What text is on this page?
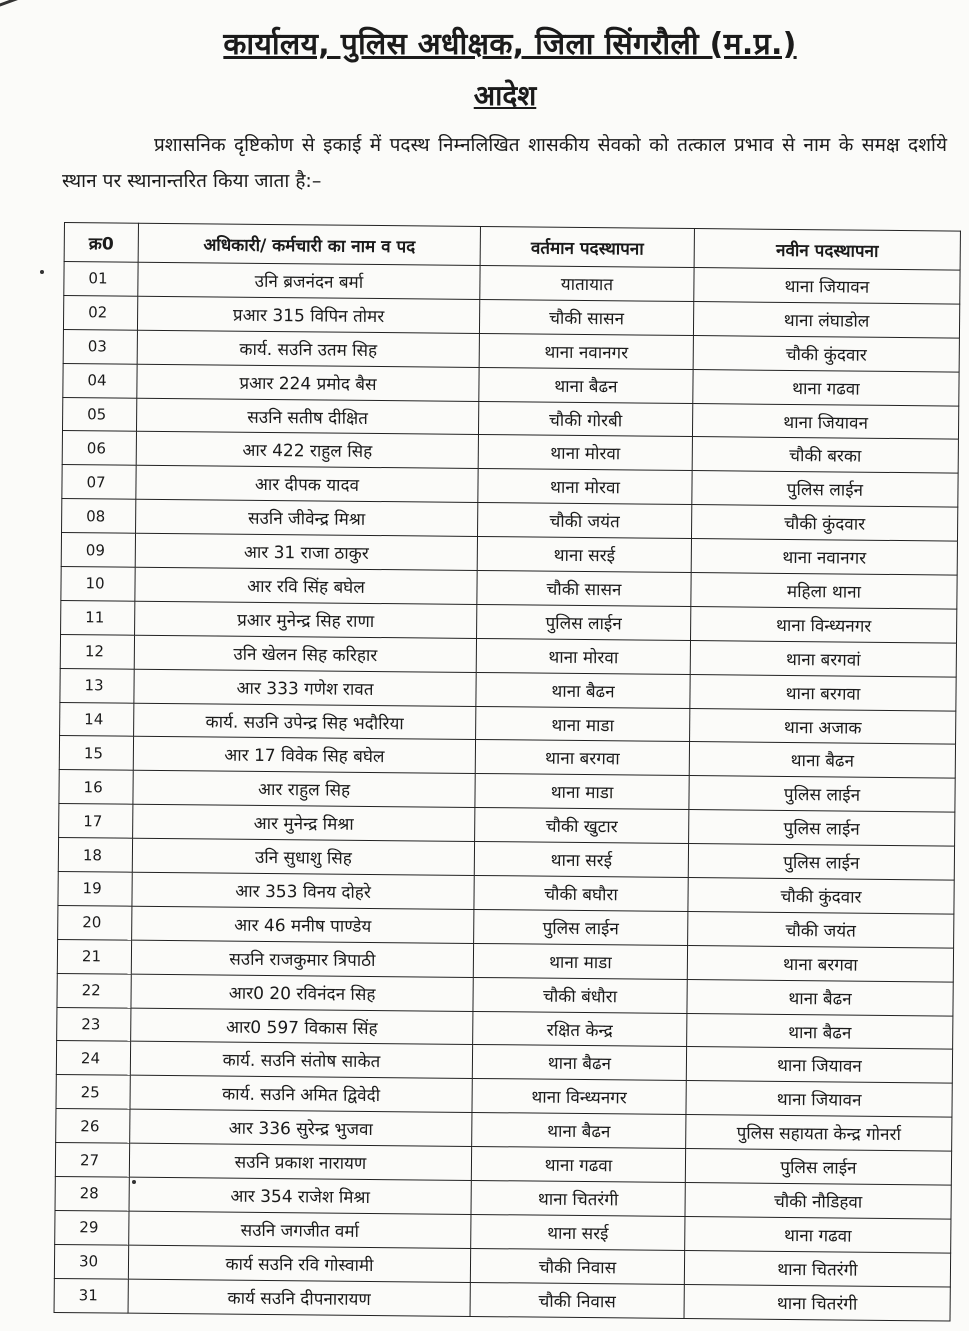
कार्यालय, पुलिस अधीक्षक, जिला सिंगरौली (म.प्र.)
आदेश
प्रशासनिक दृष्टिकोण से इकाई में पदस्थ निम्नलिखित शासकीय सेवको को तत्काल प्रभाव से नाम के समक्ष दर्शाये स्थान पर स्थानान्तरित किया जाता है:–
क्र0	अधिकारी/ कर्मचारी का नाम व पद	वर्तमान पदस्थापना	नवीन पदस्थापना
01	उनि ब्रजनंदन बर्मा	यातायात	थाना जियावन
02	प्रआर 315 विपिन तोमर	चौकी सासन	थाना लंघाडोल
03	कार्य. सउनि उतम सिह	थाना नवानगर	चौकी कुंदवार
04	प्रआर 224 प्रमोद बैस	थाना बैढन	थाना गढवा
05	सउनि सतीष दीक्षित	चौकी गोरबी	थाना जियावन
06	आर 422 राहुल सिह	थाना मोरवा	चौकी बरका
07	आर दीपक यादव	थाना मोरवा	पुलिस लाईन
08	सउनि जीवेन्द्र मिश्रा	चौकी जयंत	चौकी कुंदवार
09	आर 31 राजा ठाकुर	थाना सरई	थाना नवानगर
10	आर रवि सिंह बघेल	चौकी सासन	महिला थाना
11	प्रआर मुनेन्द्र सिह राणा	पुलिस लाईन	थाना विन्ध्यनगर
12	उनि खेलन सिह करिहार	थाना मोरवा	थाना बरगवां
13	आर 333 गणेश रावत	थाना बैढन	थाना बरगवा
14	कार्य. सउनि उपेन्द्र सिह भदौरिया	थाना माडा	थाना अजाक
15	आर 17 विवेक सिह बघेल	थाना बरगवा	थाना बैढन
16	आर राहुल सिह	थाना माडा	पुलिस लाईन
17	आर मुनेन्द्र मिश्रा	चौकी खुटार	पुलिस लाईन
18	उनि सुधाशु सिह	थाना सरई	पुलिस लाईन
19	आर 353 विनय दोहरे	चौकी बघौरा	चौकी कुंदवार
20	आर 46 मनीष पाण्डेय	पुलिस लाईन	चौकी जयंत
21	सउनि राजकुमार त्रिपाठी	थाना माडा	थाना बरगवा
22	आर0 20 रविनंदन सिह	चौकी बंधौरा	थाना बैढन
23	आर0 597 विकास सिंह	रक्षित केन्द्र	थाना बैढन
24	कार्य. सउनि संतोष साकेत	थाना बैढन	थाना जियावन
25	कार्य. सउनि अमित द्विवेदी	थाना विन्ध्यनगर	थाना जियावन
26	आर 336 सुरेन्द्र भुजवा	थाना बैढन	पुलिस सहायता केन्द्र गोनर्रा
27	सउनि प्रकाश नारायण	थाना गढवा	पुलिस लाईन
28	आर 354 राजेश मिश्रा	थाना चितरंगी	चौकी नौडिहवा
29	सउनि जगजीत वर्मा	थाना सरई	थाना गढवा
30	कार्य सउनि रवि गोस्वामी	चौकी निवास	थाना चितरंगी
31	कार्य सउनि दीपनारायण	चौकी निवास	थाना चितरंगी
